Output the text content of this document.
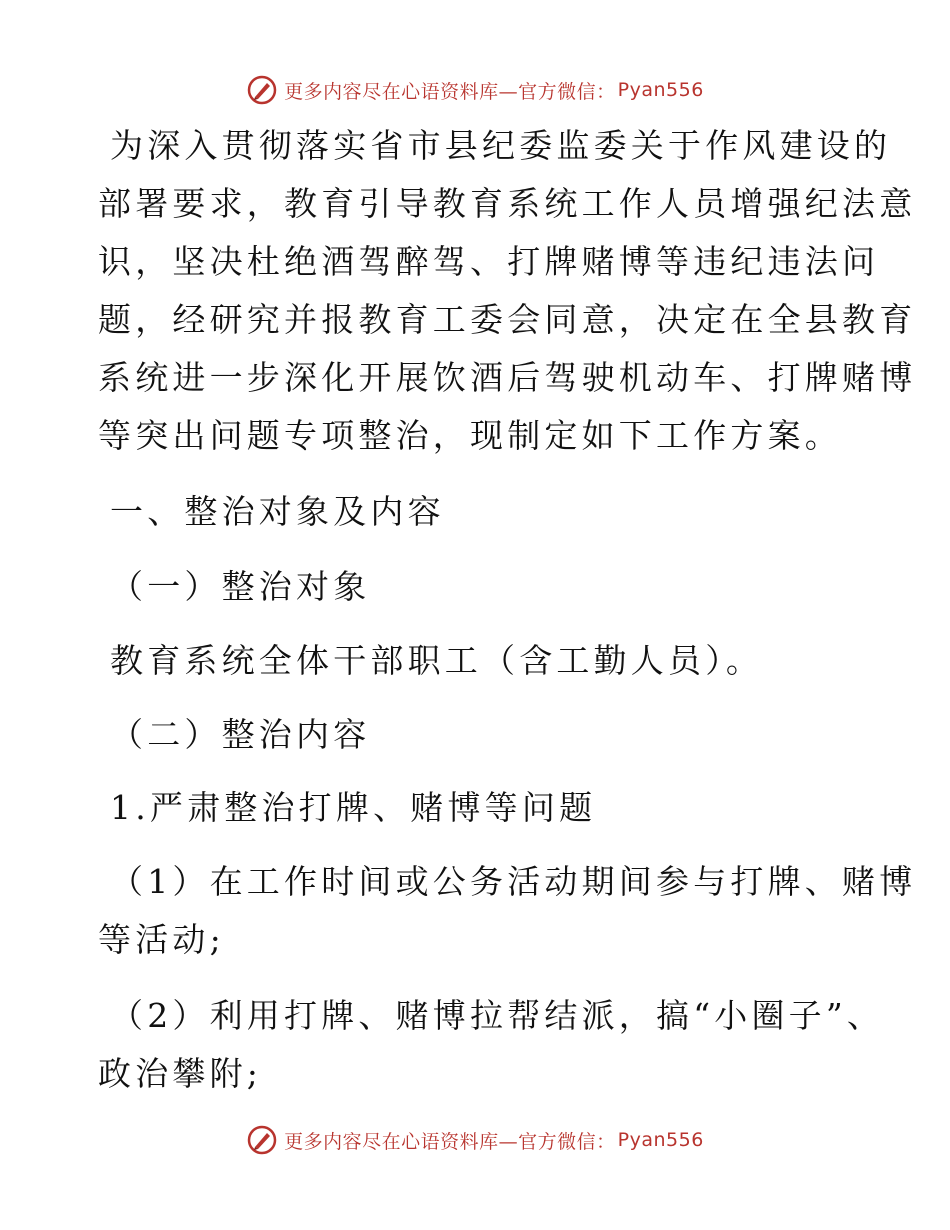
更多内容尽在心语资料库—官方微信： Pyan556
为深入贯彻落实省市县纪委监委关于作风建设的
部署要求，教育引导教育系统工作人员增强纪法意
识，坚决杜绝酒驾醉驾、打牌赌博等违纪违法问
题，经研究并报教育工委会同意，决定在全县教育
系统进一步深化开展饮酒后驾驶机动车、打牌赌博
等突出问题专项整治，现制定如下工作方案。
一、整治对象及内容
（一）整治对象
教育系统全体干部职工（含工勤人员）。
（二）整治内容
1.严肃整治打牌、赌博等问题
（1）在工作时间或公务活动期间参与打牌、赌博
等活动;
（2）利用打牌、赌博拉帮结派，搞“小圈子”、
政治攀附;
更多内容尽在心语资料库—官方微信： Pyan556
